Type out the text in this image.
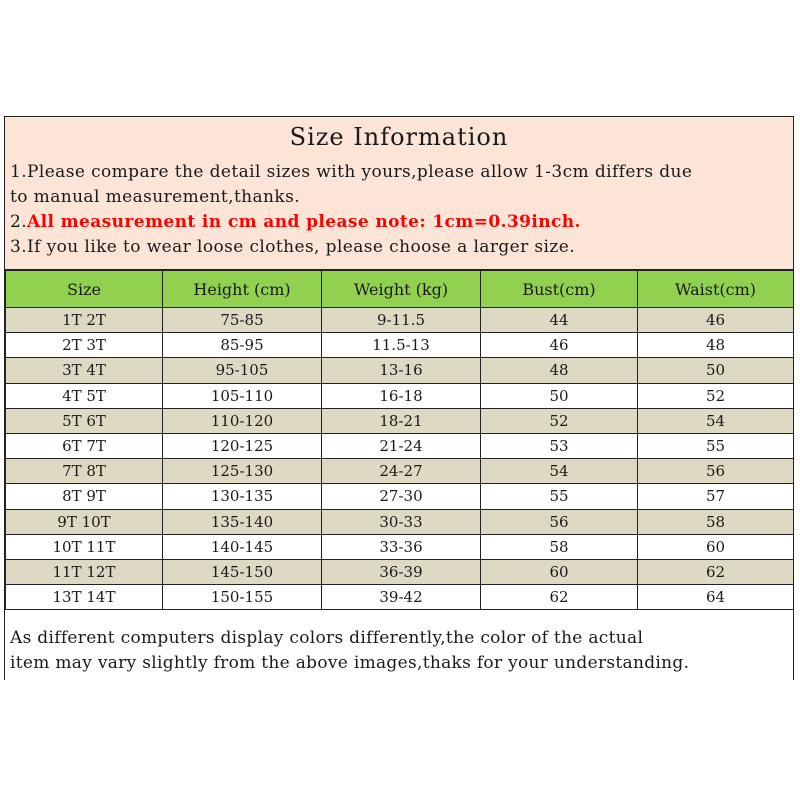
Size Information
1.Please compare the detail sizes with yours,please allow 1-3cm differs due
to manual measurement,thanks.
2.All measurement in cm and please note: 1cm=0.39inch.
3.If you like to wear loose clothes, please choose a larger size.
Size	Height (cm)	Weight (kg)	Bust(cm)	Waist(cm)
1T 2T	75-85	9-11.5	44	46
2T 3T	85-95	11.5-13	46	48
3T 4T	95-105	13-16	48	50
4T 5T	105-110	16-18	50	52
5T 6T	110-120	18-21	52	54
6T 7T	120-125	21-24	53	55
7T 8T	125-130	24-27	54	56
8T 9T	130-135	27-30	55	57
9T 10T	135-140	30-33	56	58
10T 11T	140-145	33-36	58	60
11T 12T	145-150	36-39	60	62
13T 14T	150-155	39-42	62	64
As different computers display colors differently,the color of the actual
item may vary slightly from the above images,thaks for your understanding.
